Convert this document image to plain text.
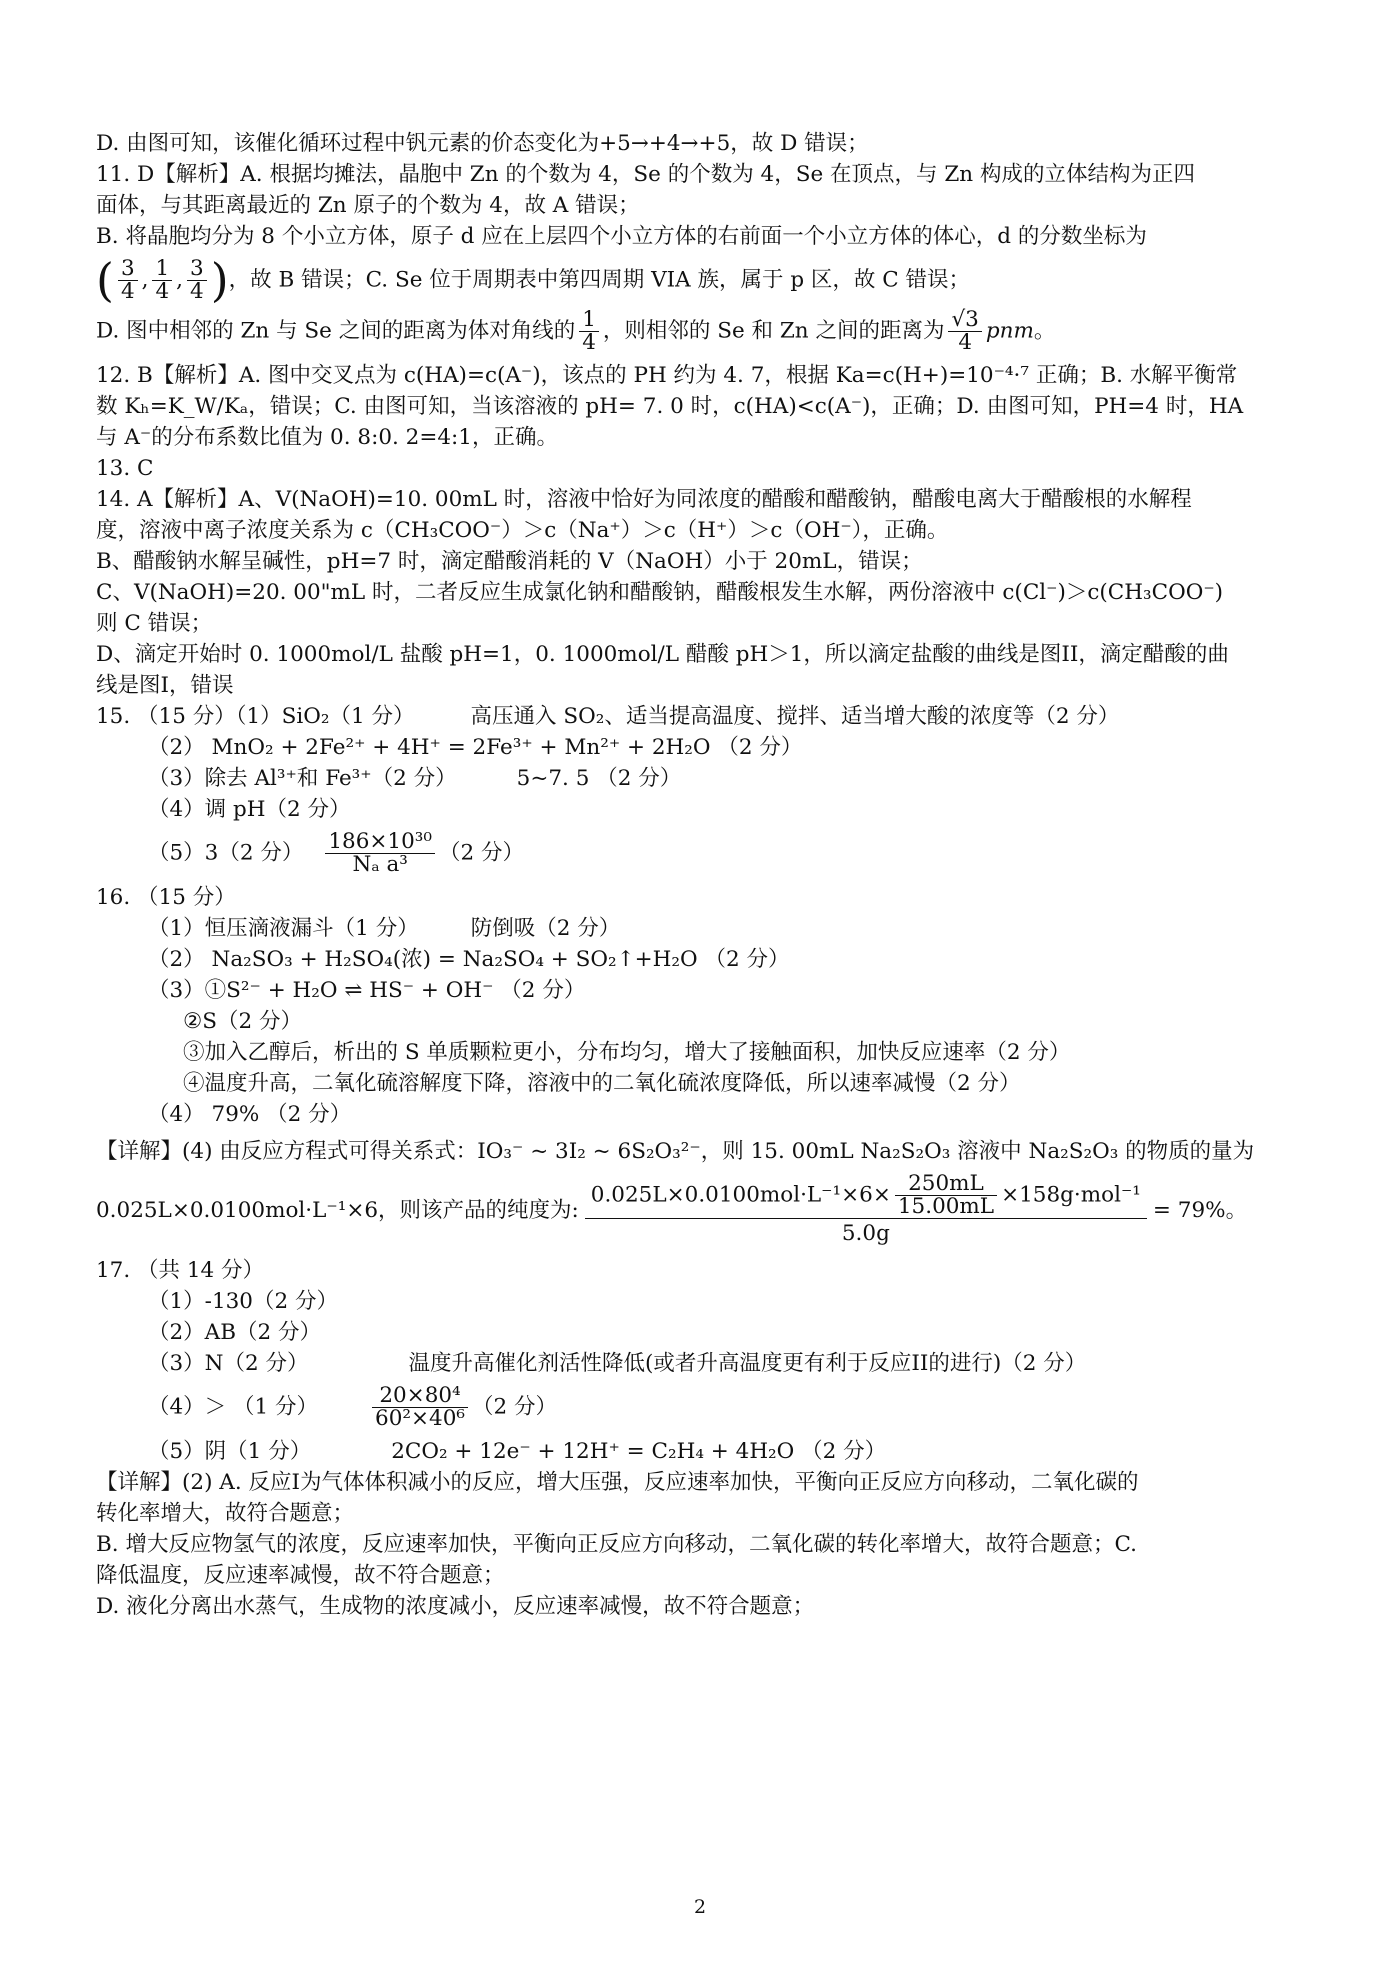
D. 由图可知，该催化循环过程中钒元素的价态变化为+5→+4→+5，故 D 错误；
11. D【解析】A. 根据均摊法，晶胞中 Zn 的个数为 4，Se 的个数为 4，Se 在顶点，与 Zn 构成的立体结构为正四
面体，与其距离最近的 Zn 原子的个数为 4，故 A 错误；
B. 将晶胞均分为 8 个小立方体，原子 d 应在上层四个小立方体的右前面一个小立方体的体心，d 的分数坐标为
( $\frac{3}{4}$ , $\frac{1}{4}$ , $\frac{3}{4}$ )，故 B 错误；C. Se 位于周期表中第四周期 VIA 族，属于 p 区，故 C 错误；
D. 图中相邻的 Zn 与 Se 之间的距离为体对角线的 $\frac{1}{4}$ ，则相邻的 Se 和 Zn 之间的距离为 $\frac{√3}{4}$ pnm。
12. B【解析】A. 图中交叉点为 c(HA)=c(A⁻)，该点的 PH 约为 4. 7，根据 Ka=c(H+)=10⁻⁴·⁷ 正确；B. 水解平衡常
数 Kₕ=K_W/Kₐ，错误；C. 由图可知，当该溶液的 pH= 7. 0 时，c(HA)<c(A⁻)，正确；D. 由图可知，PH=4 时，HA
与 A⁻的分布系数比值为 0. 8:0. 2=4:1，正确。
13. C
14. A【解析】A、V(NaOH)=10. 00mL 时，溶液中恰好为同浓度的醋酸和醋酸钠，醋酸电离大于醋酸根的水解程
度，溶液中离子浓度关系为 c（CH₃COO⁻）＞c（Na⁺）＞c（H⁺）＞c（OH⁻），正确。
B、醋酸钠水解呈碱性，pH=7 时，滴定醋酸消耗的 V（NaOH）小于 20mL，错误；
C、V(NaOH)=20. 00"mL 时，二者反应生成氯化钠和醋酸钠，醋酸根发生水解，两份溶液中 c(Cl⁻)＞c(CH₃COO⁻)
则 C 错误；
D、滴定开始时 0. 1000mol/L 盐酸 pH=1，0. 1000mol/L 醋酸 pH＞1，所以滴定盐酸的曲线是图II，滴定醋酸的曲
线是图I，错误
15. （15 分）（1）SiO₂（1 分）	高压通入 SO₂、适当提高温度、搅拌、适当增大酸的浓度等（2 分）
（2） MnO₂ + 2Fe²⁺ + 4H⁺ = 2Fe³⁺ + Mn²⁺ + 2H₂O （2 分）
（3）除去 Al³⁺和 Fe³⁺（2 分）	5~7. 5 （2 分）
（4）调 pH（2 分）
（5）3（2 分） $\frac{\text{186×10³⁰}}{\text{Nₐ a³}} (2$ 分）
16. （15 分）
（1）恒压滴液漏斗（1 分） 防倒吸（2 分）
（2） Na₂SO₃ + H₂SO₄(浓) = Na₂SO₄ + SO₂↑+H₂O （2 分）
（3）①S²⁻ + H₂O ⇌ HS⁻ + OH⁻ （2 分）
②S（2 分）
③加入乙醇后，析出的 S 单质颗粒更小，分布均匀，增大了接触面积，加快反应速率（2 分）
④温度升高，二氧化硫溶解度下降，溶液中的二氧化硫浓度降低，所以速率减慢（2 分）
（4） 79% （2 分）
【详解】(4) 由反应方程式可得关系式：IO₃⁻ ~ 3I₂ ~ 6S₂O₃²⁻，则 15. 00mL Na₂S₂O₃ 溶液中 Na₂S₂O₃ 的物质的量为
0.025L×0.0100mol·L⁻¹×6，则该产品的纯度为: $\frac{0.025L\times 0.0100mol\cdot L^{-1}\times 6\times \frac{250mL}{15.00mL} \times 158g\cdot mol^{-1}}{5.0g} = 79\%$。
17. （共 14 分）
（1）-130（2 分）
（2）AB（2 分）
（3）N（2 分）	温度升高催化剂活性降低(或者升高温度更有利于反应II的进行)（2 分）
（4）＞ （1 分）	$\frac{\text{20×80⁴}}{\text{60²×40⁶}} (2$ 分）
（5）阴（1 分）	2CO₂ + 12e⁻ + 12H⁺ = C₂H₄ + 4H₂O （2 分）
【详解】(2) A. 反应I为气体体积减小的反应，增大压强，反应速率加快，平衡向正反应方向移动，二氧化碳的
转化率增大，故符合题意；
B. 增大反应物氢气的浓度，反应速率加快，平衡向正反应方向移动，二氧化碳的转化率增大，故符合题意；C.
降低温度，反应速率减慢，故不符合题意；
D. 液化分离出水蒸气，生成物的浓度减小，反应速率减慢，故不符合题意；
2
